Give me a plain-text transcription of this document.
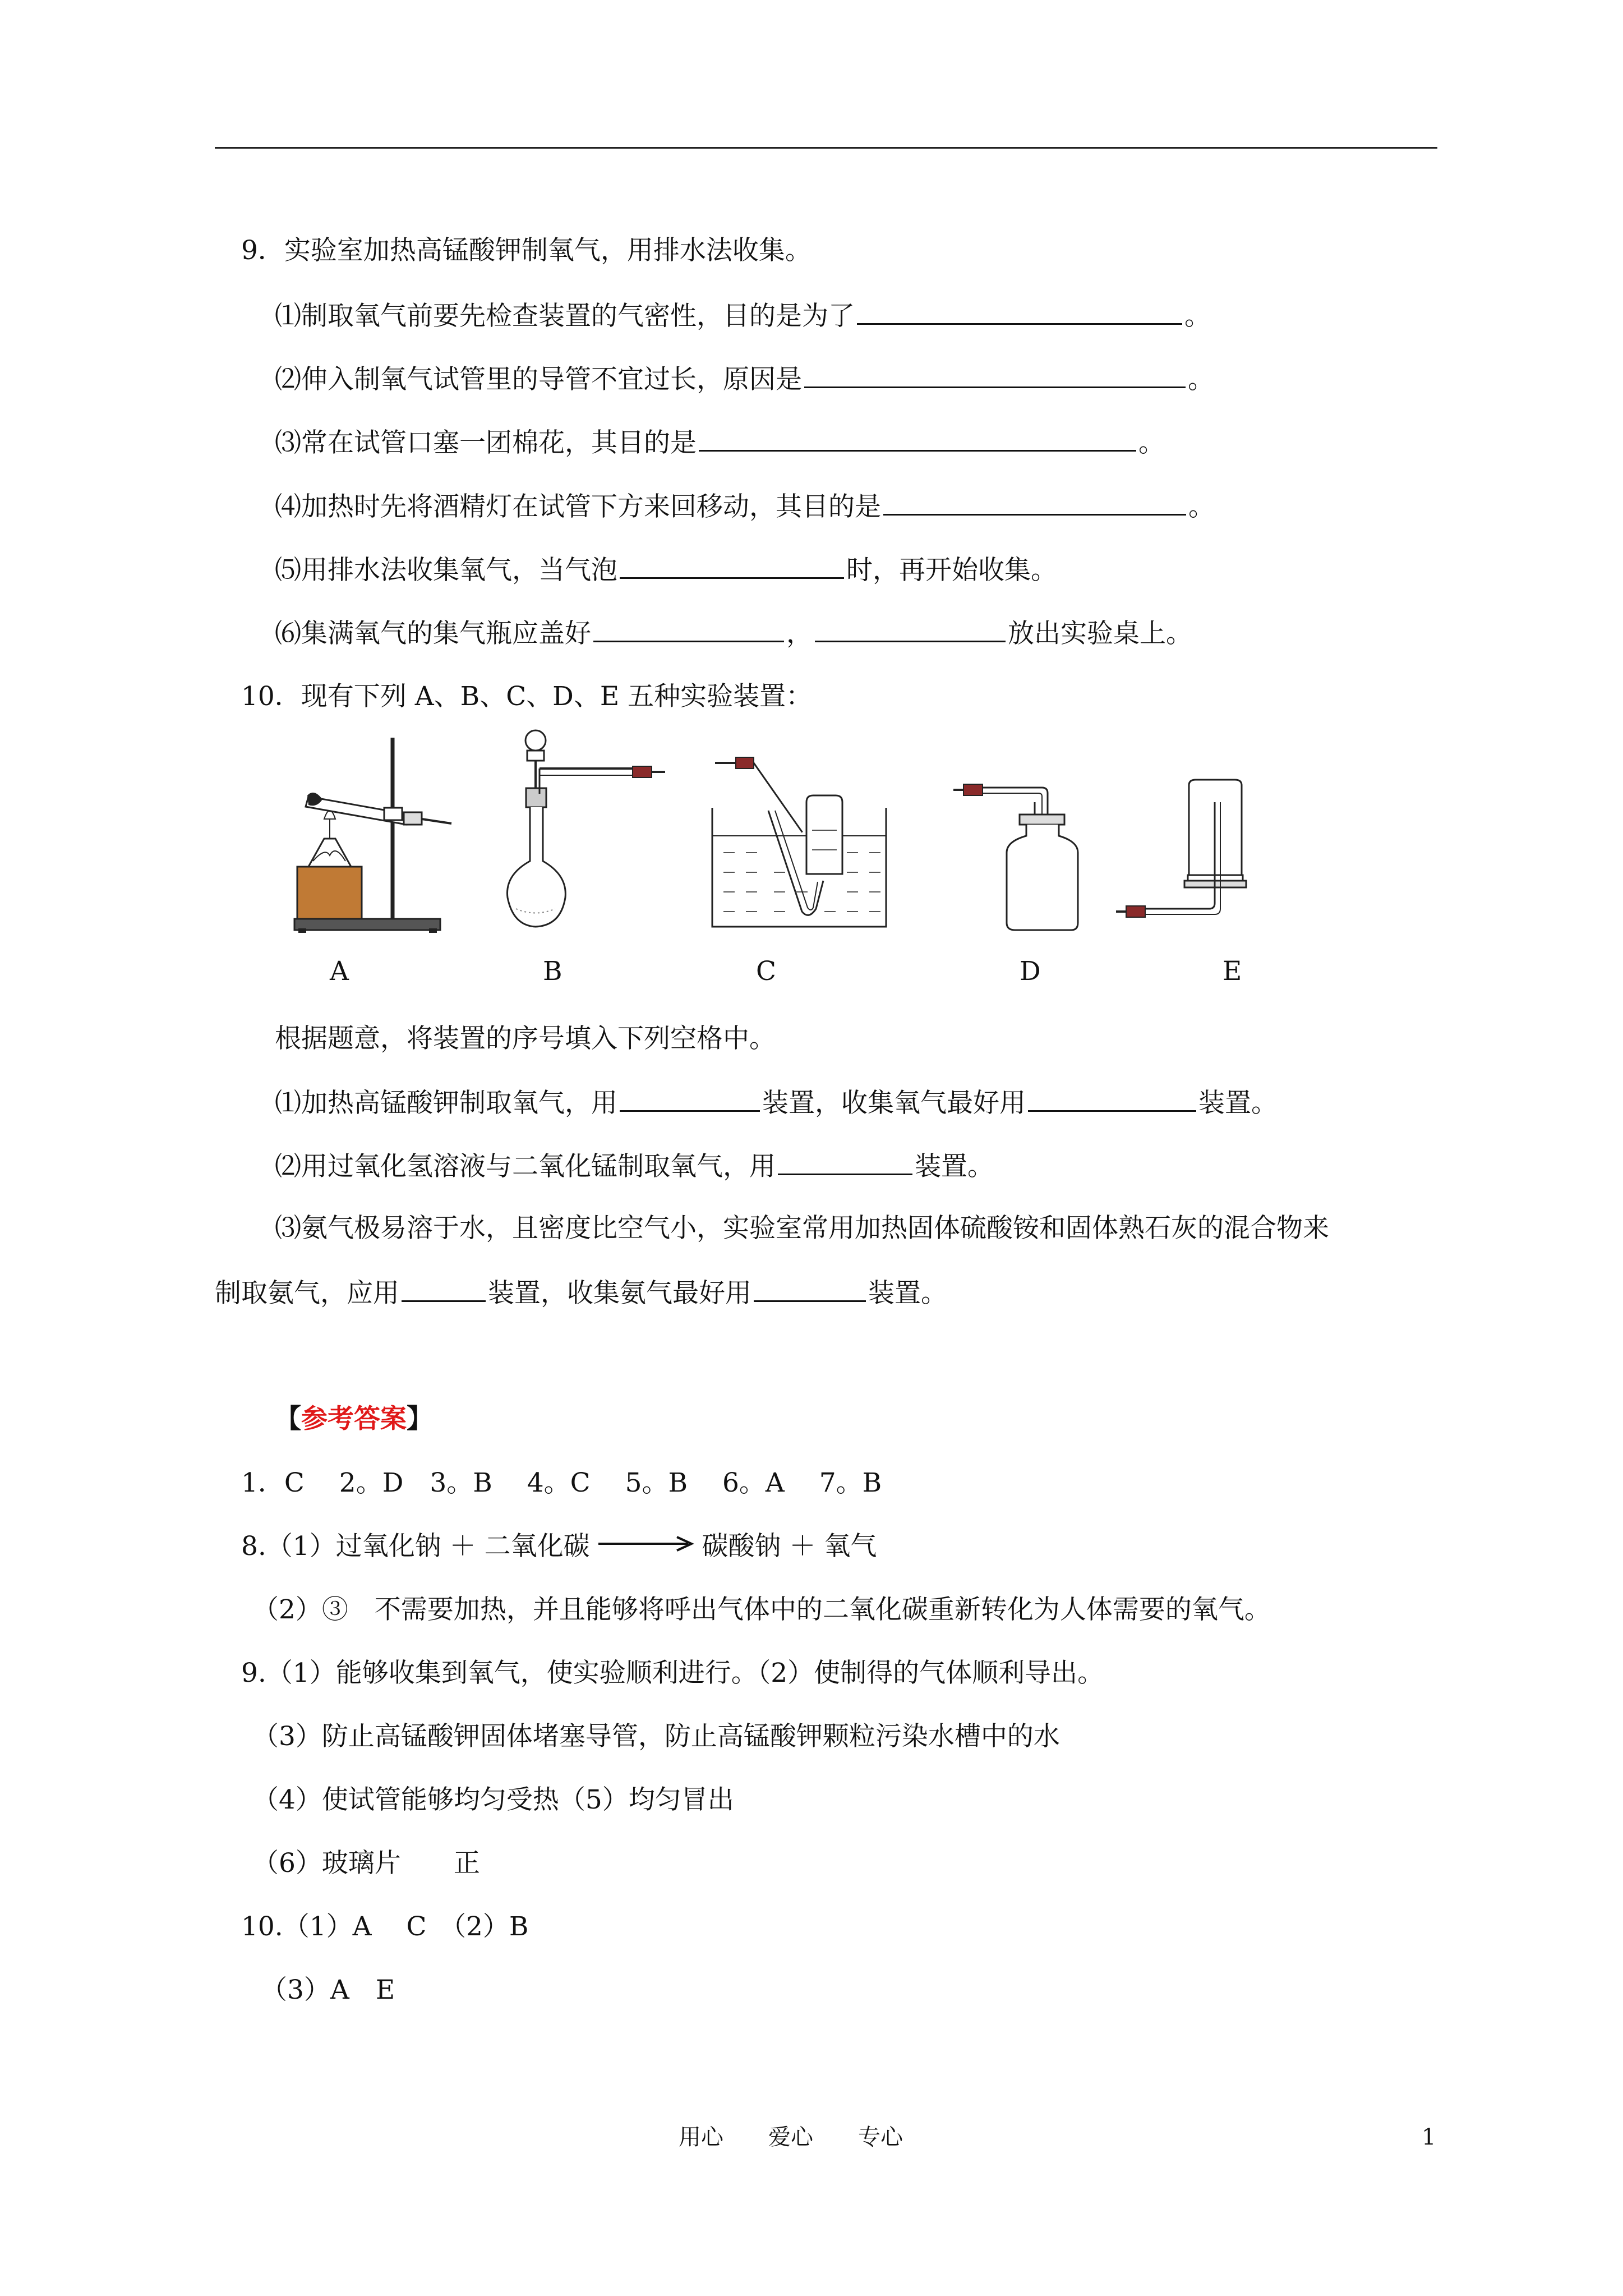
9．实验室加热高锰酸钾制氧气，用排水法收集。
⑴制取氧气前要先检查装置的气密性，目的是为了	。
⑵伸入制氧气试管里的导管不宜过长，原因是	。
⑶常在试管口塞一团棉花，其目的是	。
⑷加热时先将酒精灯在试管下方来回移动，其目的是	。
⑸用排水法收集氧气，当气泡	时，再开始收集。
⑹集满氧气的集气瓶应盖好	，	放出实验桌上。
10．现有下列 A、B、C、D、E 五种实验装置：
A	B	C	D	E
根据题意，将装置的序号填入下列空格中。
⑴加热高锰酸钾制取氧气，用	装置，收集氧气最好用	装置。
⑵用过氧化氢溶液与二氧化锰制取氧气，用	装置。
⑶氨气极易溶于水，且密度比空气小，实验室常用加热固体硫酸铵和固体熟石灰的混合物来
制取氨气，应用	装置，收集氨气最好用	装置。
【参考答案】
1．C　 2。D　3。B　 4。C　 5。B　 6。A　 7。B
8.（1）过氧化钠 ＋ 二氧化碳 → 碳酸钠 ＋ 氧气
（2）③　不需要加热，并且能够将呼出气体中的二氧化碳重新转化为人体需要的氧气。
9.（1）能够收集到氧气，使实验顺利进行。（2）使制得的气体顺利导出。
（3）防止高锰酸钾固体堵塞导管，防止高锰酸钾颗粒污染水槽中的水
（4）使试管能够均匀受热（5）均匀冒出
（6）玻璃片　　正
10.（1）A　 C　（2）B
（3）A　E
用心　　爱心　　专心	1
